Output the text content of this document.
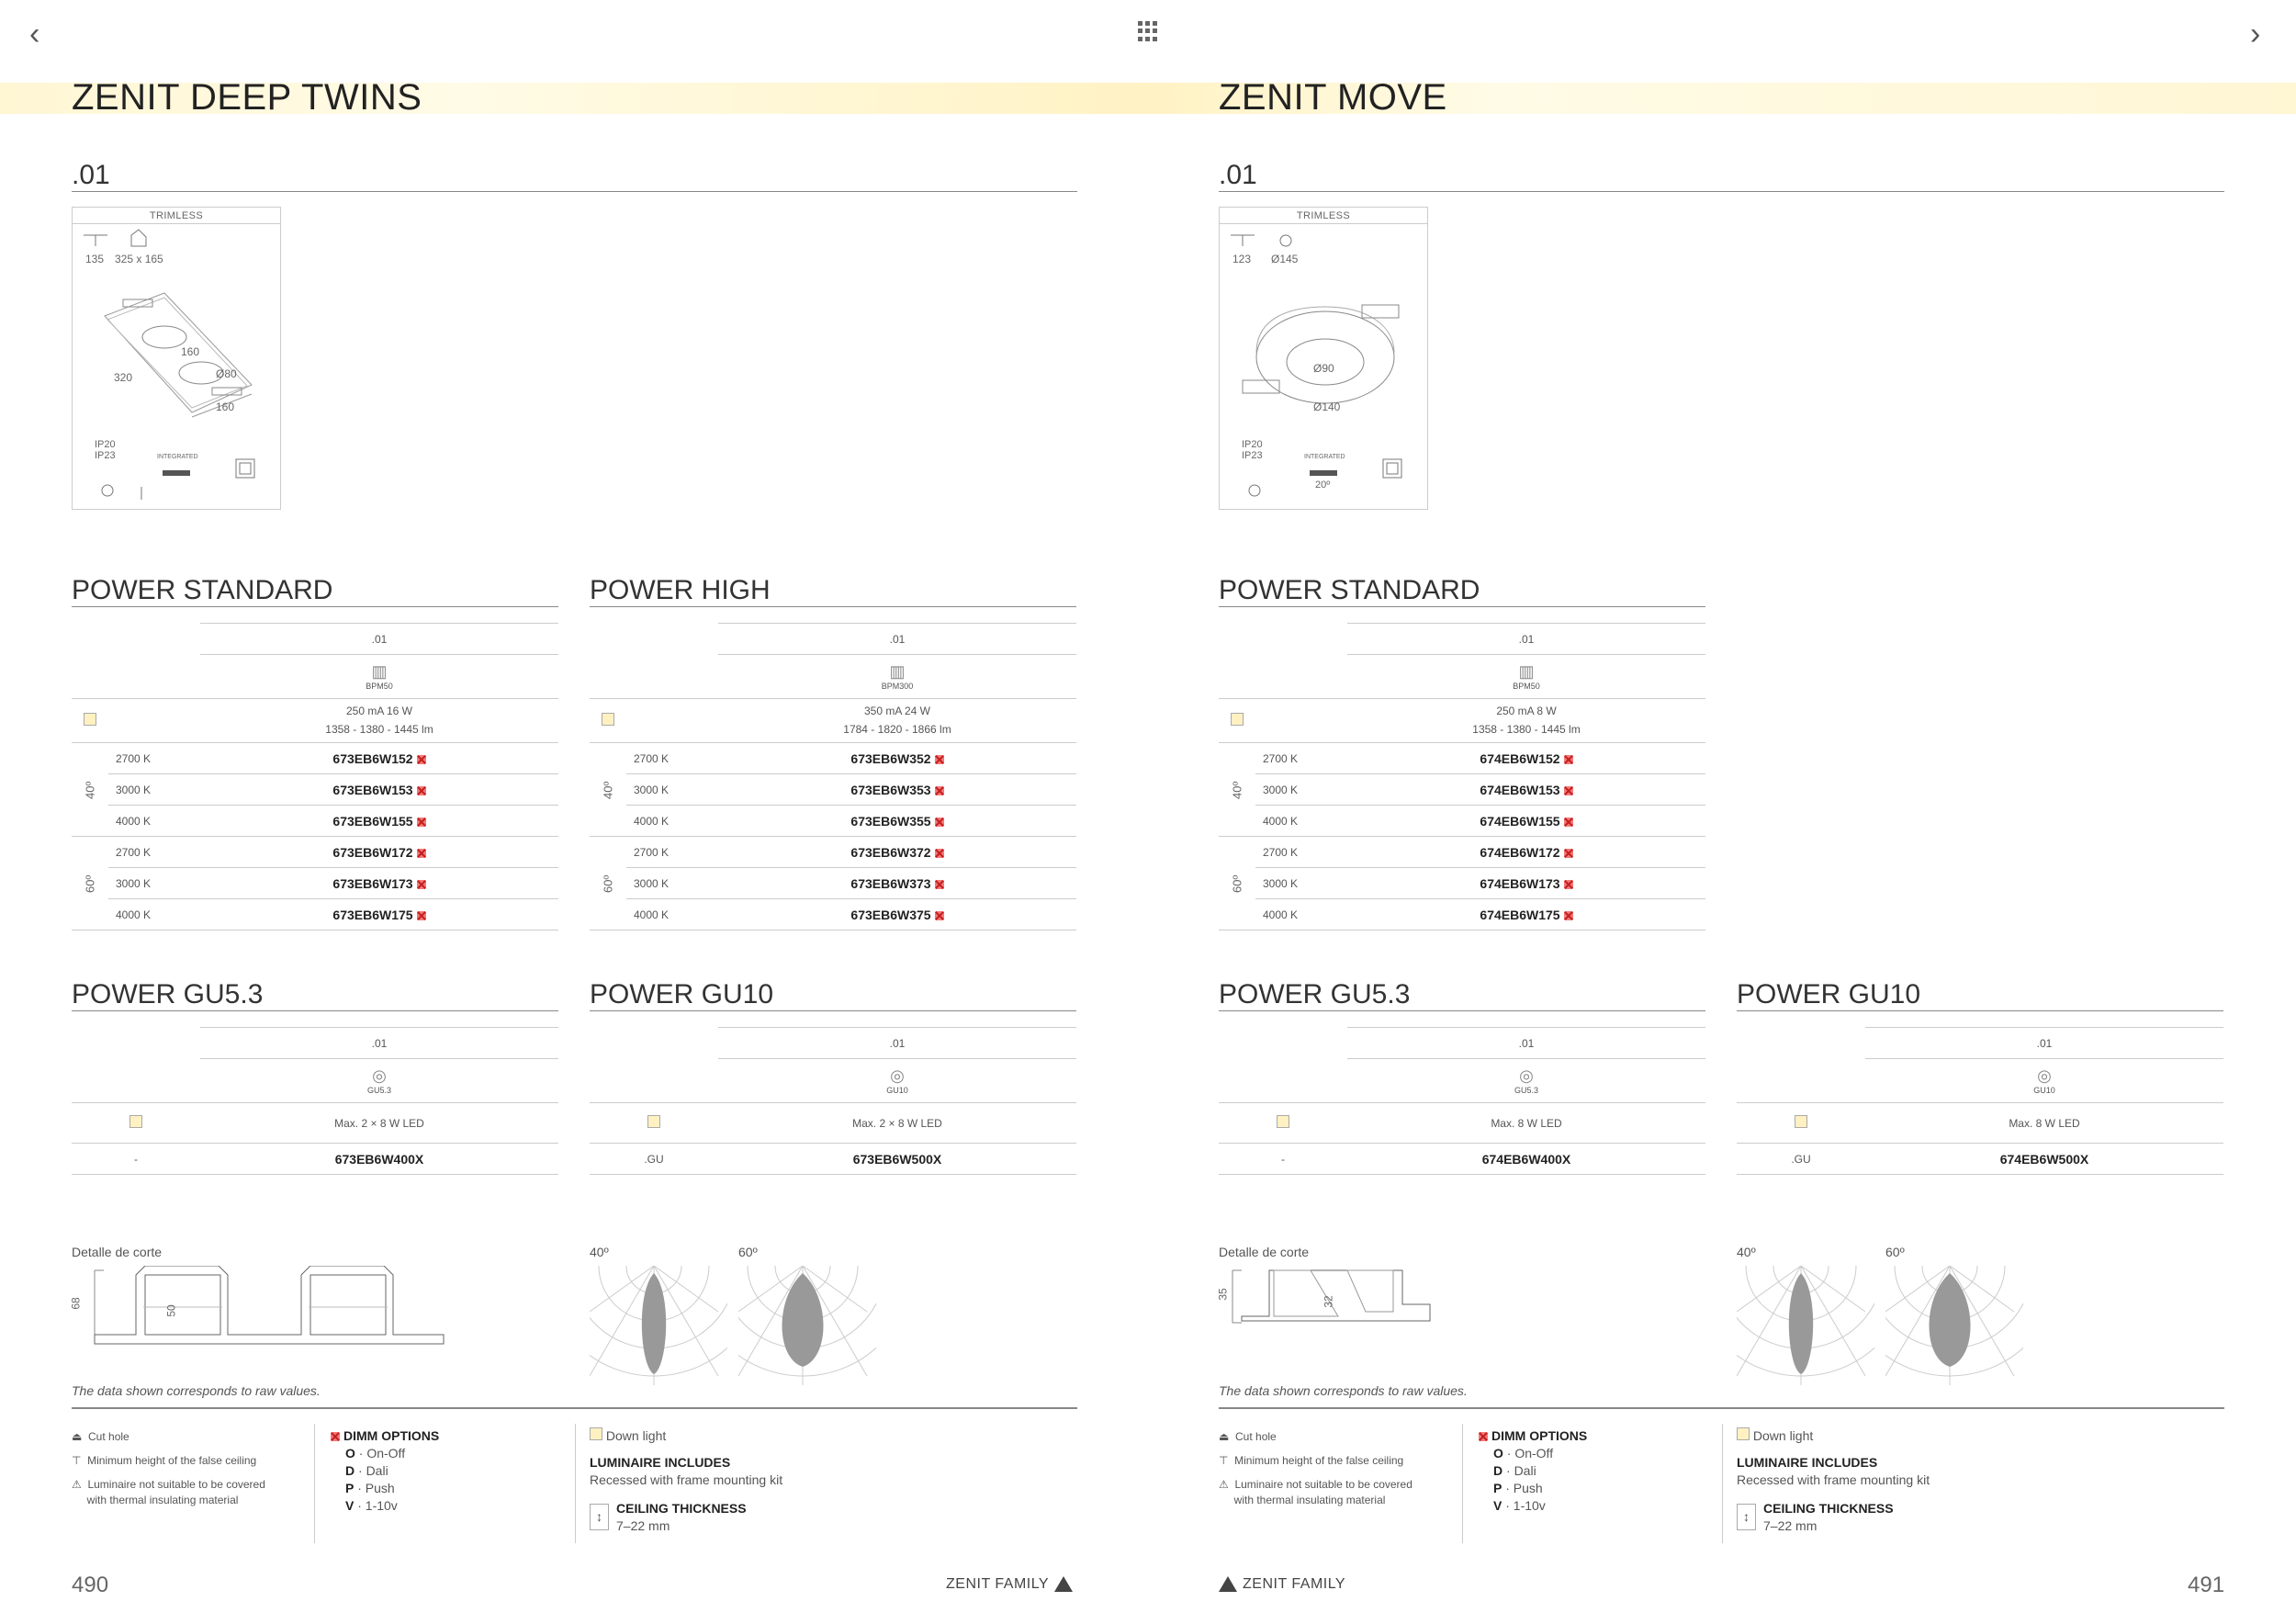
‹	›
ZENIT DEEP TWINS
.01
TRIMLESS
135 325 x 165
160
320	Ø80
160
IP20
IP23	INTEGRATED
POWER STANDARD
		.01

		▥
BPM50

		250 mA 16 W
1358 - 1380 - 1445 lm

40º	2700 K	673EB6W152
	3000 K	673EB6W153
	4000 K	673EB6W155
60º	2700 K	673EB6W172
	3000 K	673EB6W173
	4000 K	673EB6W175
POWER HIGH
		.01

		▥
BPM300

		350 mA 24 W
1784 - 1820 - 1866 lm

40º	2700 K	673EB6W352
	3000 K	673EB6W353
	4000 K	673EB6W355
60º	2700 K	673EB6W372
	3000 K	673EB6W373
	4000 K	673EB6W375
POWER GU5.3
	.01

	◎
GU5.3

	Max. 2 × 8 W LED
-	673EB6W400X
POWER GU10
	.01

	◎
GU10

	Max. 2 × 8 W LED
.GU	673EB6W500X
Detalle de corte
68
50
40º	60º
The data shown corresponds to raw values.
⏏ Cut hole
⊤ Minimum height of the false ceiling
⚠ Luminaire not suitable to be covered
with thermal insulating material
DIMM OPTIONS
O · On-Off
D · Dali
P · Push
V · 1-10v
Down light
LUMINAIRE INCLUDES
Recessed with frame mounting kit
↕
CEILING THICKNESS
7–22 mm
490	ZENIT FAMILY
ZENIT MOVE
.01
TRIMLESS
123 Ø145
Ø90
Ø140
IP20
IP23	INTEGRATED
20º
POWER STANDARD
		.01

		▥
BPM50

		250 mA 8 W
1358 - 1380 - 1445 lm

40º	2700 K	674EB6W152
	3000 K	674EB6W153
	4000 K	674EB6W155
60º	2700 K	674EB6W172
	3000 K	674EB6W173
	4000 K	674EB6W175
POWER GU5.3
	.01

	◎
GU5.3

	Max. 8 W LED
-	674EB6W400X
POWER GU10
	.01

	◎
GU10

	Max. 8 W LED
.GU	674EB6W500X
Detalle de corte
35
32
40º	60º
The data shown corresponds to raw values.
⏏ Cut hole
⊤ Minimum height of the false ceiling
⚠ Luminaire not suitable to be covered
with thermal insulating material
DIMM OPTIONS
O · On-Off
D · Dali
P · Push
V · 1-10v
Down light
LUMINAIRE INCLUDES
Recessed with frame mounting kit
↕
CEILING THICKNESS
7–22 mm
ZENIT FAMILY	491
